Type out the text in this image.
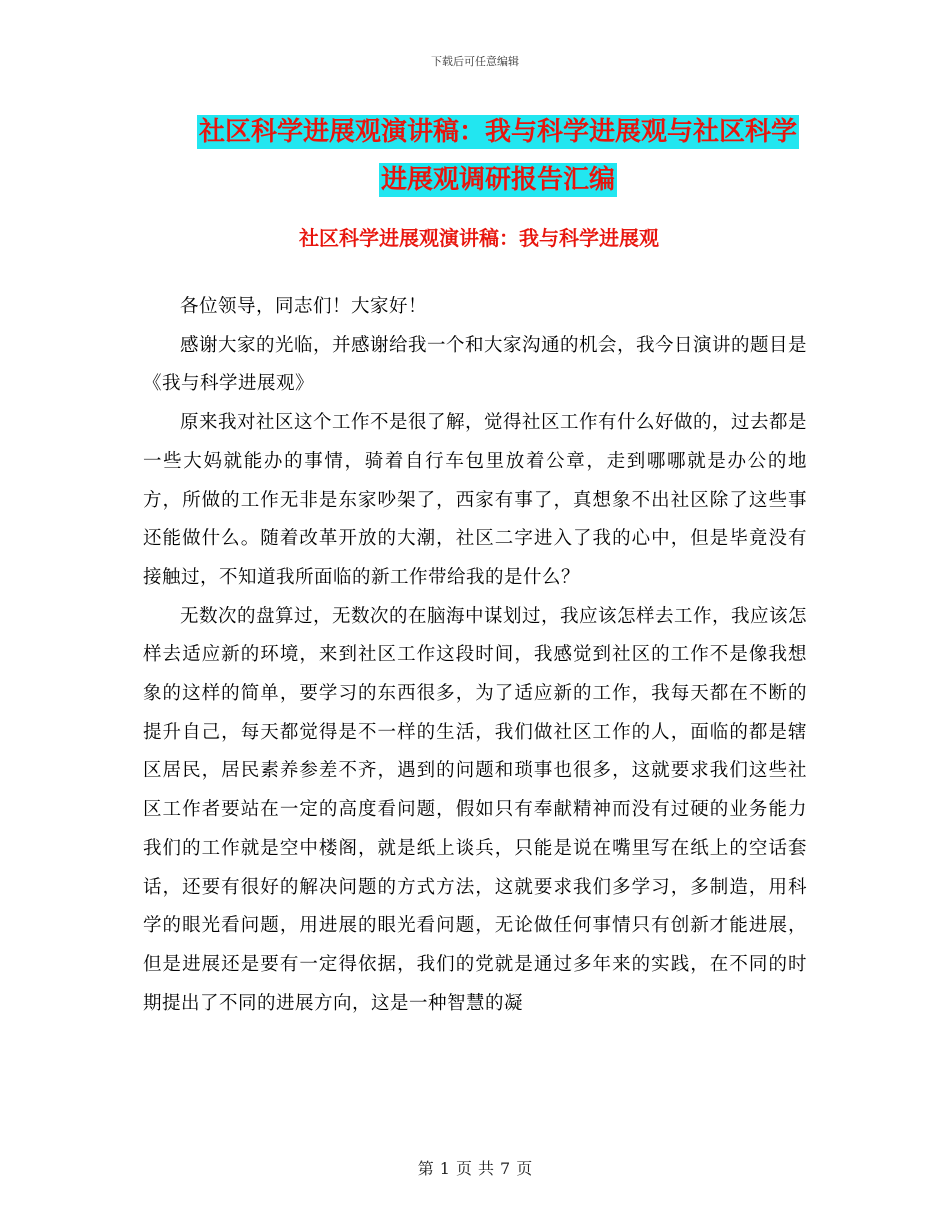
下载后可任意编辑
社区科学进展观演讲稿：我与科学进展观与社区科学
进展观调研报告汇编
社区科学进展观演讲稿：我与科学进展观

各位领导，同志们！大家好！

感谢大家的光临，并感谢给我一个和大家沟通的机会，我今日演讲的题目是《我与科学进展观》

原来我对社区这个工作不是很了解，觉得社区工作有什么好做的，过去都是一些大妈就能办的事情，骑着自行车包里放着公章，走到哪哪就是办公的地方，所做的工作无非是东家吵架了，西家有事了，真想象不出社区除了这些事还能做什么。随着改革开放的大潮，社区二字进入了我的心中，但是毕竟没有接触过，不知道我所面临的新工作带给我的是什么？

无数次的盘算过，无数次的在脑海中谋划过，我应该怎样去工作，我应该怎样去适应新的环境，来到社区工作这段时间，我感觉到社区的工作不是像我想象的这样的简单，要学习的东西很多，为了适应新的工作，我每天都在不断的提升自己，每天都觉得是不一样的生活，我们做社区工作的人，面临的都是辖区居民，居民素养参差不齐，遇到的问题和琐事也很多，这就要求我们这些社区工作者要站在一定的高度看问题，假如只有奉献精神而没有过硬的业务能力我们的工作就是空中楼阁，就是纸上谈兵，只能是说在嘴里写在纸上的空话套话，还要有很好的解决问题的方式方法，这就要求我们多学习，多制造，用科学的眼光看问题，用进展的眼光看问题，无论做任何事情只有创新才能进展，但是进展还是要有一定得依据，我们的党就是通过多年来的实践，在不同的时期提出了不同的进展方向，这是一种智慧的凝

第 1 页 共 7 页
